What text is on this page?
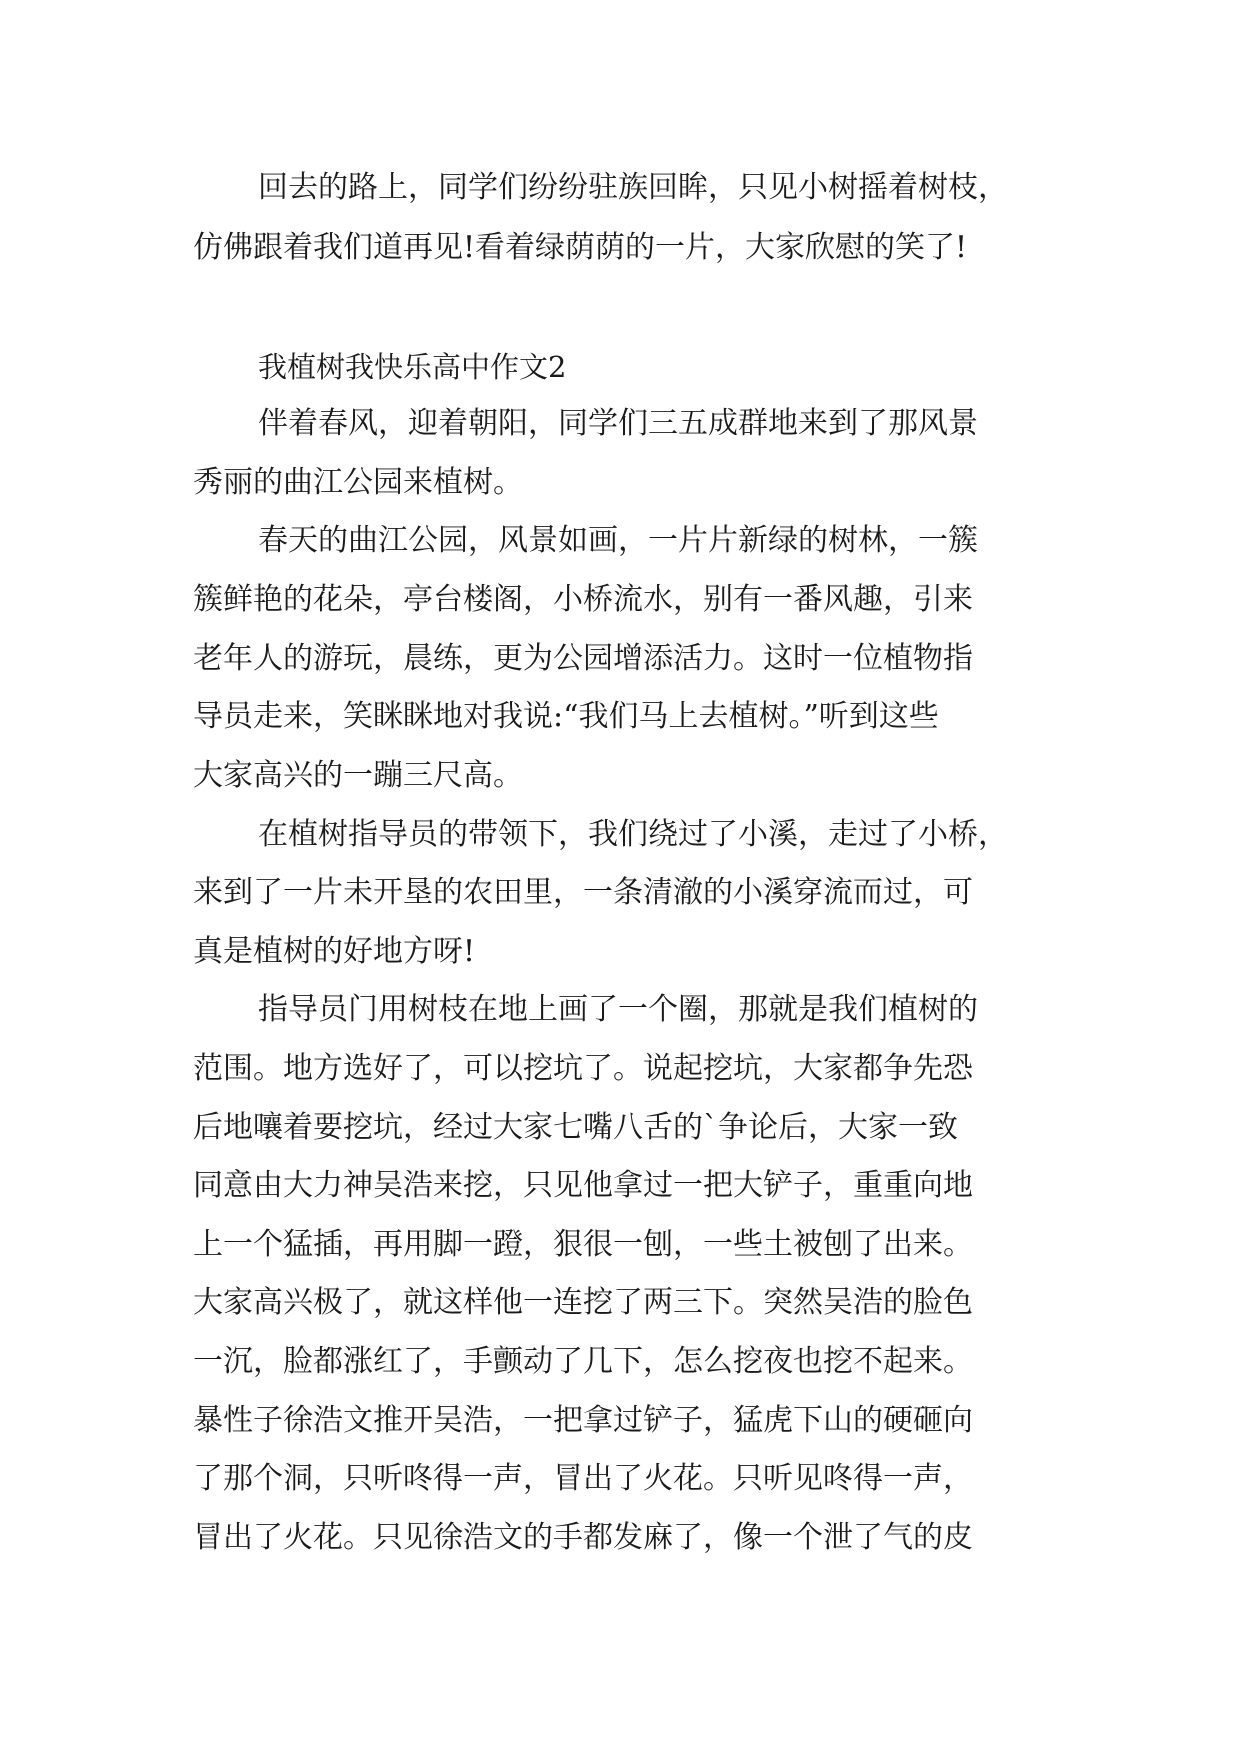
回去的路上，同学们纷纷驻族回眸，只见小树摇着树枝，
仿佛跟着我们道再见!看着绿荫荫的一片，大家欣慰的笑了!
我植树我快乐高中作文2
伴着春风，迎着朝阳，同学们三五成群地来到了那风景
秀丽的曲江公园来植树。
春天的曲江公园，风景如画，一片片新绿的树林，一簇
簇鲜艳的花朵，亭台楼阁，小桥流水，别有一番风趣，引来
老年人的游玩，晨练，更为公园增添活力。这时一位植物指
导员走来，笑眯眯地对我说:“我们马上去植树。”听到这些
大家高兴的一蹦三尺高。
在植树指导员的带领下，我们绕过了小溪，走过了小桥，
来到了一片未开垦的农田里，一条清澈的小溪穿流而过，可
真是植树的好地方呀!
指导员门用树枝在地上画了一个圈，那就是我们植树的
范围。地方选好了，可以挖坑了。说起挖坑，大家都争先恐
后地嚷着要挖坑，经过大家七嘴八舌的`争论后，大家一致
同意由大力神吴浩来挖，只见他拿过一把大铲子，重重向地
上一个猛插，再用脚一蹬，狠很一刨，一些土被刨了出来。
大家高兴极了，就这样他一连挖了两三下。突然吴浩的脸色
一沉，脸都涨红了，手颤动了几下，怎么挖夜也挖不起来。
暴性子徐浩文推开吴浩，一把拿过铲子，猛虎下山的硬砸向
了那个洞，只听咚得一声，冒出了火花。只听见咚得一声，
冒出了火花。只见徐浩文的手都发麻了，像一个泄了气的皮
